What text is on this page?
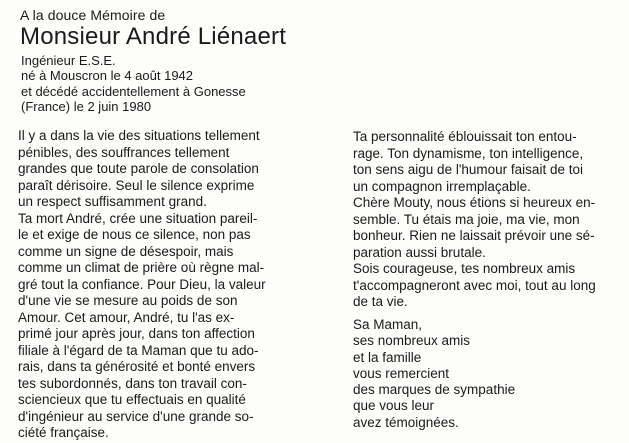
A la douce Mémoire de
Monsieur André Liénaert
Ingénieur E.S.E.
né à Mouscron le 4 août 1942
et décédé accidentellement à Gonesse
(France) le 2 juin 1980
Il y a dans la vie des situations tellement
pénibles, des souffrances tellement
grandes que toute parole de consolation
paraît dérisoire. Seul le silence exprime
un respect suffisamment grand.
Ta mort André, crée une situation pareil-
le et exige de nous ce silence, non pas
comme un signe de désespoir, mais
comme un climat de prière où règne mal-
gré tout la confiance. Pour Dieu, la valeur
d'une vie se mesure au poids de son
Amour. Cet amour, André, tu l'as ex-
primé jour après jour, dans ton affection
filiale à l'égard de ta Maman que tu ado-
rais, dans ta générosité et bonté envers
tes subordonnés, dans ton travail con-
sciencieux que tu effectuais en qualité
d'ingénieur au service d'une grande so-
ciété française.
Ta personnalité éblouissait ton entou-
rage. Ton dynamisme, ton intelligence,
ton sens aigu de l'humour faisait de toi
un compagnon irremplaçable.
Chère Mouty, nous étions si heureux en-
semble. Tu étais ma joie, ma vie, mon
bonheur. Rien ne laissait prévoir une sé-
paration aussi brutale.
Sois courageuse, tes nombreux amis
t'accompagneront avec moi, tout au long
de ta vie.
Sa Maman,
ses nombreux amis
et la famille
vous remercient
des marques de sympathie
que vous leur
avez témoignées.
